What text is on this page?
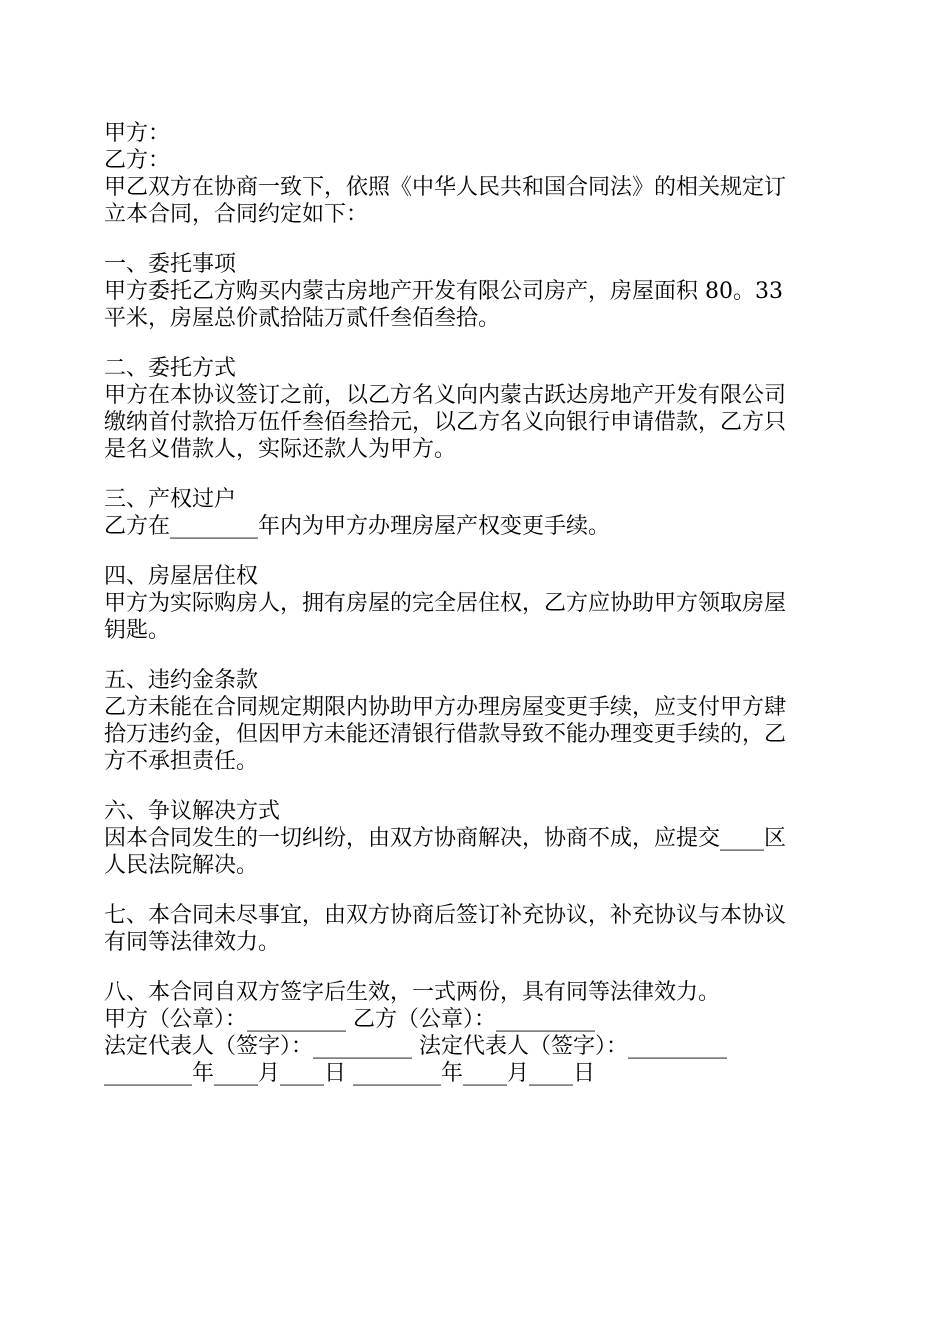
甲方：
乙方：
甲乙双方在协商一致下，依照《中华人民共和国合同法》的相关规定订
立本合同，合同约定如下：
一、委托事项
甲方委托乙方购买内蒙古房地产开发有限公司房产，房屋面积 80。33
平米，房屋总价贰拾陆万贰仟叁佰叁拾。
二、委托方式
甲方在本协议签订之前，以乙方名义向内蒙古跃达房地产开发有限公司
缴纳首付款拾万伍仟叁佰叁拾元，以乙方名义向银行申请借款，乙方只
是名义借款人，实际还款人为甲方。
三、产权过户
乙方在________年内为甲方办理房屋产权变更手续。
四、房屋居住权
甲方为实际购房人，拥有房屋的完全居住权，乙方应协助甲方领取房屋
钥匙。
五、违约金条款
乙方未能在合同规定期限内协助甲方办理房屋变更手续，应支付甲方肆
拾万违约金，但因甲方未能还清银行借款导致不能办理变更手续的，乙
方不承担责任。
六、争议解决方式
因本合同发生的一切纠纷，由双方协商解决，协商不成，应提交____区
人民法院解决。
七、本合同未尽事宜，由双方协商后签订补充协议，补充协议与本协议
有同等法律效力。
八、本合同自双方签字后生效，一式两份，具有同等法律效力。
甲方（公章）：_________ 乙方（公章）：_________
法定代表人（签字）：_________ 法定代表人（签字）：_________
________年____月____日 ________年____月____日
